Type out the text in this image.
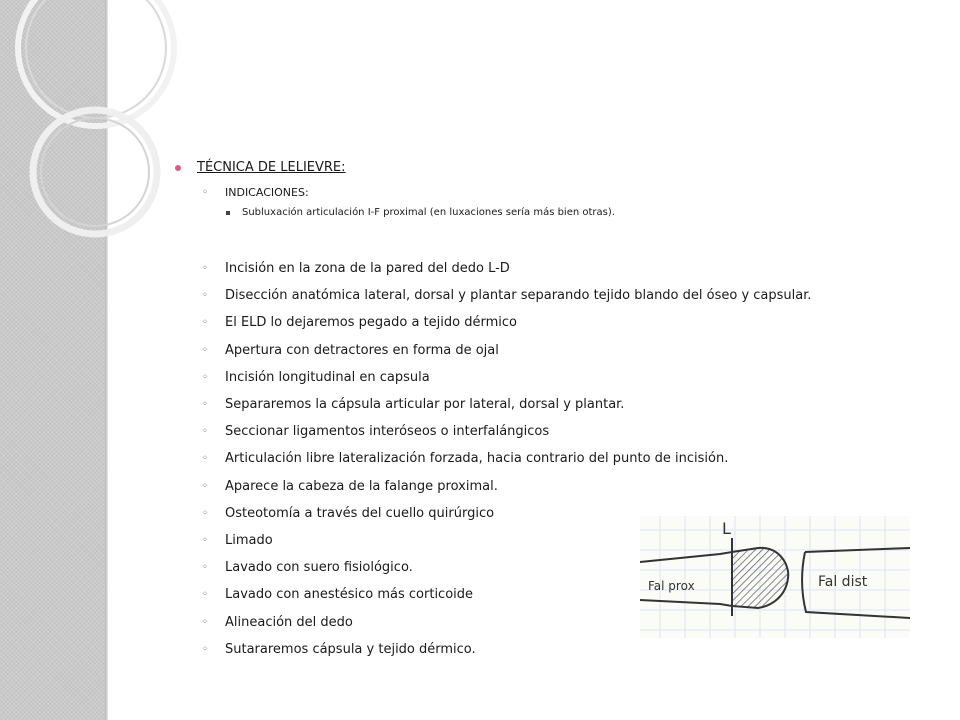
TÉCNICA DE LELIEVRE:
◦	INDICACIONES:
Subluxación articulación I-F proximal (en luxaciones sería más bien otras).
◦	Incisión en la zona de la pared del dedo L-D
◦	Disección anatómica lateral, dorsal y plantar separando tejido blando del óseo y capsular.
◦	El ELD lo dejaremos pegado a tejido dérmico
◦	Apertura con detractores en forma de ojal
◦	Incisión longitudinal en capsula
◦	Separaremos la cápsula articular por lateral, dorsal y plantar.
◦	Seccionar ligamentos interóseos o interfalángicos
◦	Articulación libre lateralización forzada, hacia contrario del punto de incisión.
◦	Aparece la cabeza de la falange proximal.
◦	Osteotomía a través del cuello quirúrgico
◦	Limado
◦	Lavado con suero fisiológico.
◦	Lavado con anestésico más corticoide
◦	Alineación del dedo
◦	Sutararemos cápsula y tejido dérmico.
L
Fal prox	Fal dist
